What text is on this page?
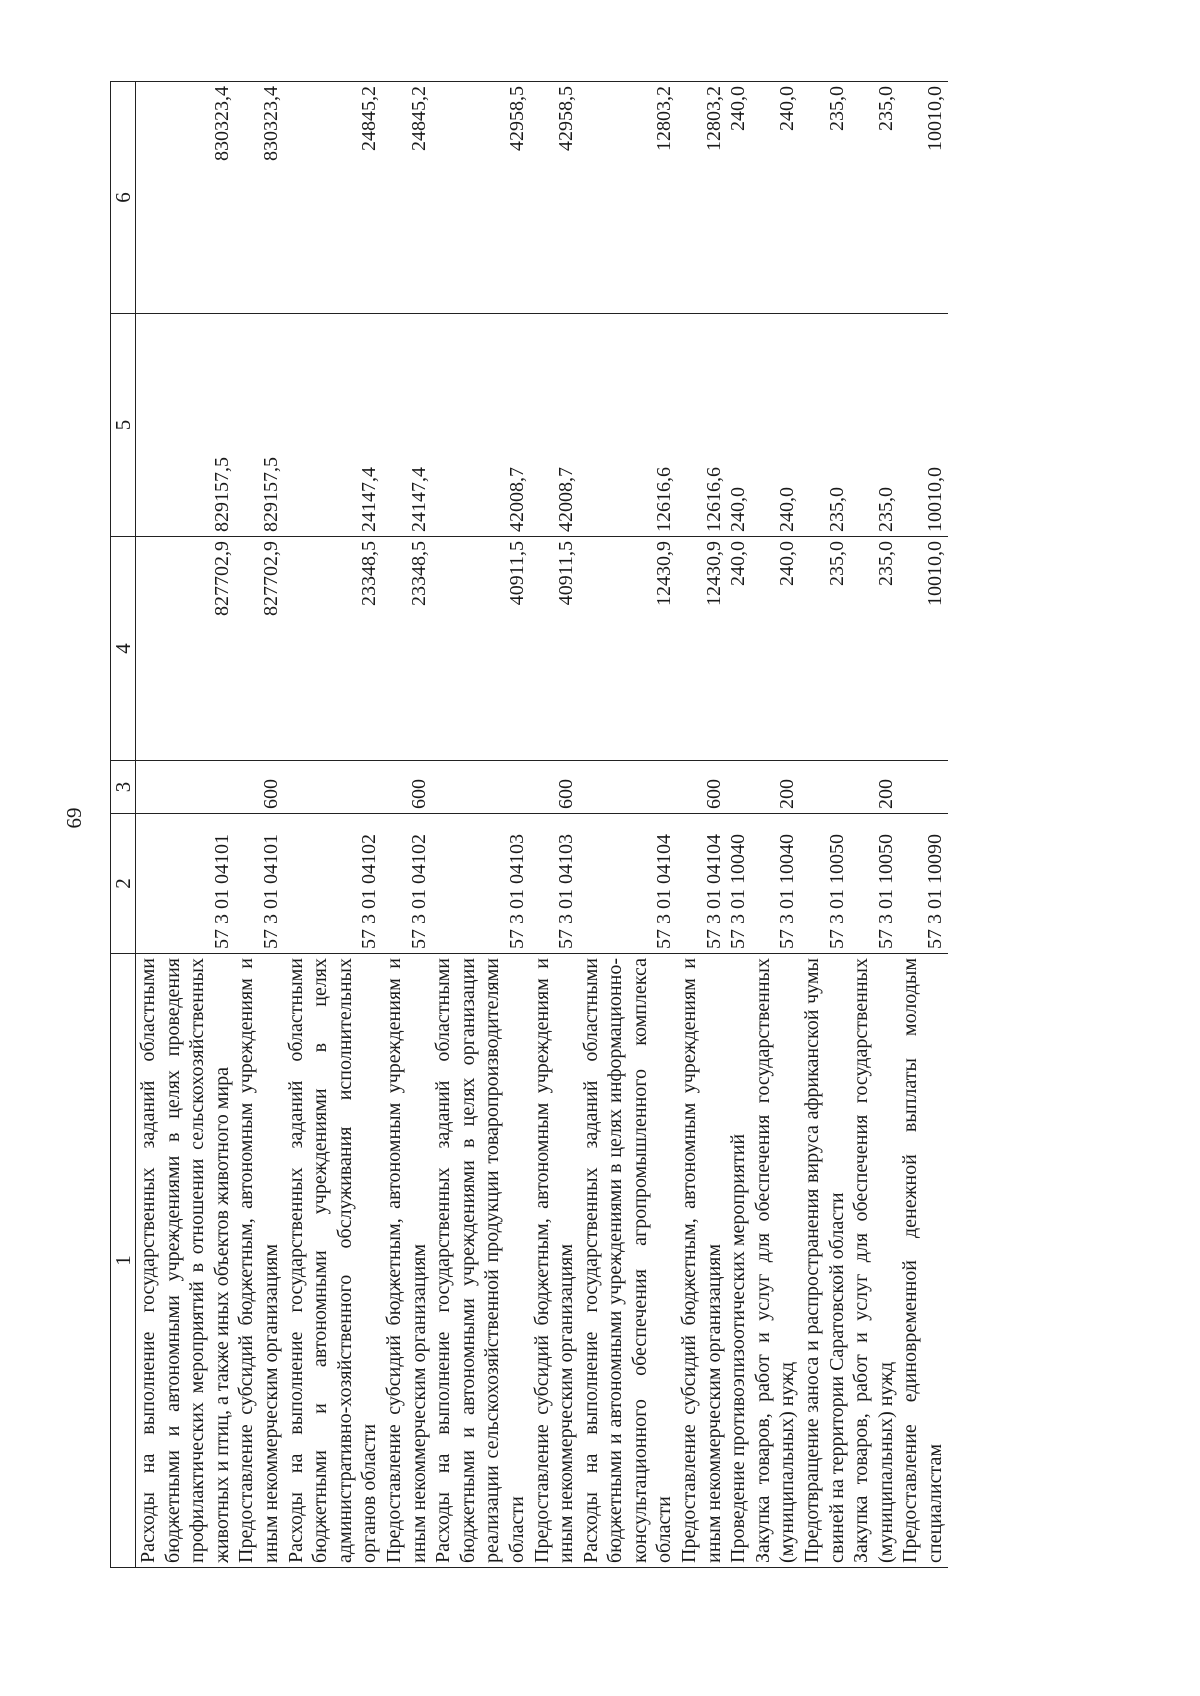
69
1	2	3	4	5	6
Расходы на выполнение государственных заданий областными бюджетными и автономными учреждениями в целях проведения профилактических мероприятий в отношении сельскохозяйственных животных и птиц, а также иных объектов животного мира	57 3 01 04101		827702,9	829157,5	830323,4
Предоставление субсидий бюджетным, автономным учреждениям и иным некоммерческим организациям	57 3 01 04101	600	827702,9	829157,5	830323,4
Расходы на выполнение государственных заданий областными бюджетными и автономными учреждениями в целях административно-хозяйственного обслуживания исполнительных органов области	57 3 01 04102		23348,5	24147,4	24845,2
Предоставление субсидий бюджетным, автономным учреждениям и иным некоммерческим организациям	57 3 01 04102	600	23348,5	24147,4	24845,2
Расходы на выполнение государственных заданий областными бюджетными и автономными учреждениями в целях организации реализации сельскохозяйственной продукции товаропроизводителями области	57 3 01 04103		40911,5	42008,7	42958,5
Предоставление субсидий бюджетным, автономным учреждениям и иным некоммерческим организациям	57 3 01 04103	600	40911,5	42008,7	42958,5
Расходы на выполнение государственных заданий областными бюджетными и автономными учреждениями в целях информационно-консультационного обеспечения агропромышленного комплекса области	57 3 01 04104		12430,9	12616,6	12803,2
Предоставление субсидий бюджетным, автономным учреждениям и иным некоммерческим организациям	57 3 01 04104	600	12430,9	12616,6	12803,2
Проведение противоэпизоотических мероприятий	57 3 01 10040		240,0	240,0	240,0
Закупка товаров, работ и услуг для обеспечения государственных (муниципальных) нужд	57 3 01 10040	200	240,0	240,0	240,0
Предотвращение заноса и распространения вируса африканской чумы свиней на территории Саратовской области	57 3 01 10050		235,0	235,0	235,0
Закупка товаров, работ и услуг для обеспечения государственных (муниципальных) нужд	57 3 01 10050	200	235,0	235,0	235,0
Предоставление единовременной денежной выплаты молодым специалистам	57 3 01 10090		10010,0	10010,0	10010,0
